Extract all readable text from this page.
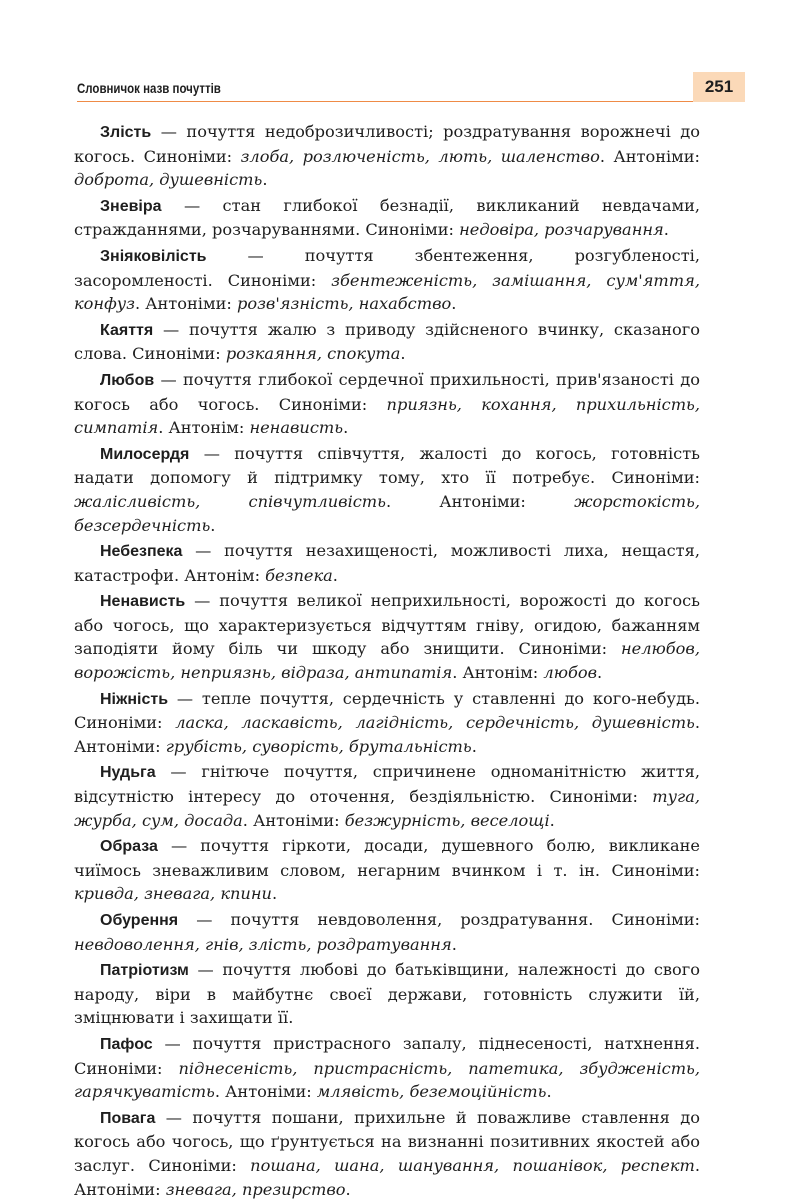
Словничок назв почуттів	251

Злість — почуття недоброзичливості; роздратування ворожнечі до когось. Синоніми: злоба, розлюченість, лють, шаленство. Антоніми: доброта, душевність.

Зневіра — стан глибокої безнадії, викликаний невдачами, стражданнями, розчаруваннями. Синоніми: недовіра, розчарування.

Зніяковілість — почуття збентеження, розгубленості, засоромленості. Синоніми: збентеженість, замішання, сум'яття, конфуз. Антоніми: розв'язність, нахабство.

Каяття — почуття жалю з приводу здійсненого вчинку, сказаного слова. Синоніми: розкаяння, спокута.

Любов — почуття глибокої сердечної прихильності, прив'язаності до когось або чогось. Синоніми: приязнь, кохання, прихильність, симпатія. Антонім: ненависть.

Милосердя — почуття співчуття, жалості до когось, готовність надати допомогу й підтримку тому, хто її потребує. Синоніми: жалісливість, співчутливість. Антоніми: жорстокість, безсердечність.

Небезпека — почуття незахищеності, можливості лиха, нещастя, катастрофи. Антонім: безпека.

Ненависть — почуття великої неприхильності, ворожості до когось або чогось, що характеризується відчуттям гніву, огидою, бажанням заподіяти йому біль чи шкоду або знищити. Синоніми: нелюбов, ворожість, неприязнь, відраза, антипатія. Антонім: любов.

Ніжність — тепле почуття, сердечність у ставленні до кого-небудь. Синоніми: ласка, ласкавість, лагідність, сердечність, душевність. Антоніми: грубість, суворість, брутальність.

Нудьга — гнітюче почуття, спричинене одноманітністю життя, відсутністю інтересу до оточення, бездіяльністю. Синоніми: туга, журба, сум, досада. Антоніми: безжурність, веселощі.

Образа — почуття гіркоти, досади, душевного болю, викликане чиїмось зневажливим словом, негарним вчинком і т. ін. Синоніми: кривда, зневага, кпини.

Обурення — почуття невдоволення, роздратування. Синоніми: невдоволення, гнів, злість, роздратування.

Патріотизм — почуття любові до батьківщини, належності до свого народу, віри в майбутнє своєї держави, готовність служити їй, зміцнювати і захищати її.

Пафос — почуття пристрасного запалу, піднесеності, натхнення. Синоніми: піднесеність, пристрасність, патетика, збудженість, гарячкуватість. Антоніми: млявість, беземоційність.

Повага — почуття пошани, прихильне й поважливе ставлення до когось або чогось, що ґрунтується на визнанні позитивних якостей або заслуг. Синоніми: пошана, шана, шанування, пошанівок, респект. Антоніми: зневага, презирство.
